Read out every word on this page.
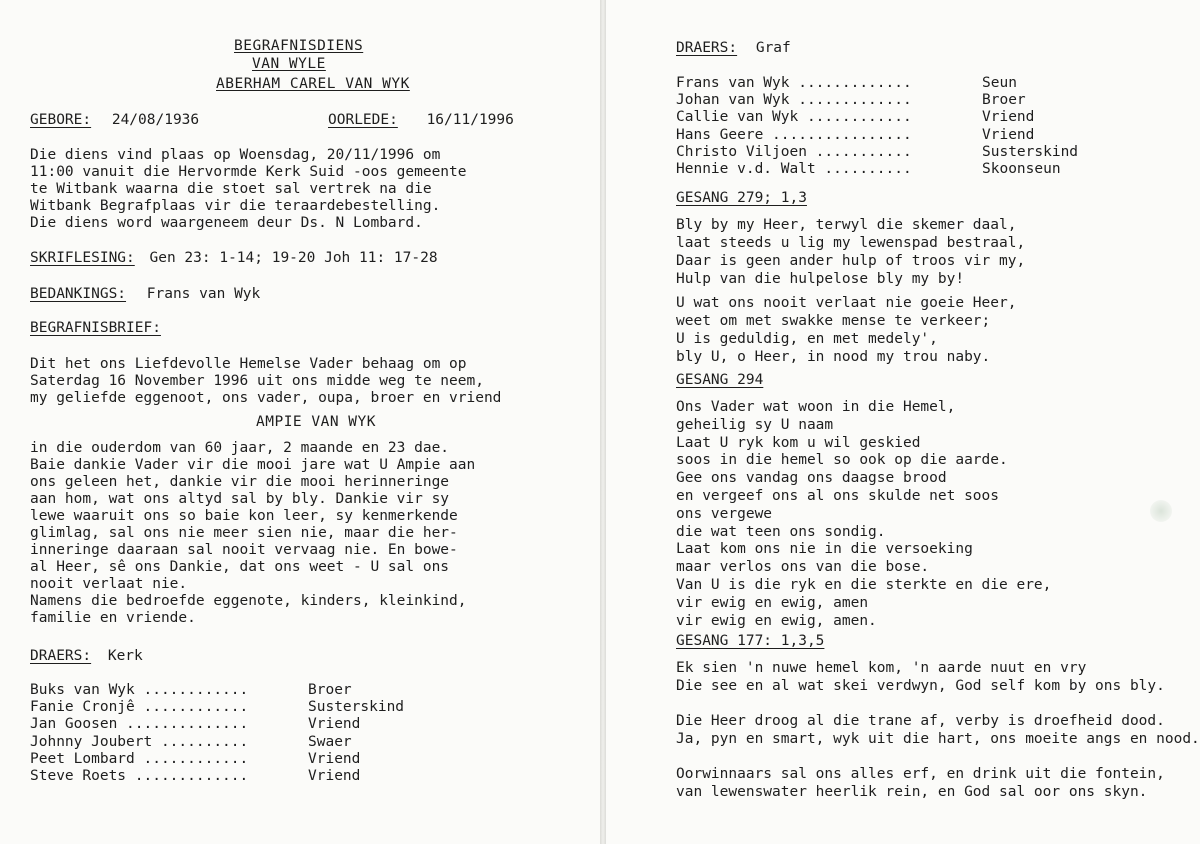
BEGRAFNISDIENS
VAN WYLE
ABERHAM CAREL VAN WYK
GEBORE: 24/08/1936	OORLEDE: 16/11/1996
Die diens vind plaas op Woensdag, 20/11/1996 om
11:00 vanuit die Hervormde Kerk Suid -oos gemeente
te Witbank waarna die stoet sal vertrek na die
Witbank Begrafplaas vir die teraardebestelling.
Die diens word waargeneem deur Ds. N Lombard.
SKRIFLESING: Gen 23: 1-14; 19-20 Joh 11: 17-28
BEDANKINGS: Frans van Wyk
BEGRAFNISBRIEF:
Dit het ons Liefdevolle Hemelse Vader behaag om op
Saterdag 16 November 1996 uit ons midde weg te neem,
my geliefde eggenoot, ons vader, oupa, broer en vriend
AMPIE VAN WYK
in die ouderdom van 60 jaar, 2 maande en 23 dae.
Baie dankie Vader vir die mooi jare wat U Ampie aan
ons geleen het, dankie vir die mooi herinneringe
aan hom, wat ons altyd sal by bly. Dankie vir sy
lewe waaruit ons so baie kon leer, sy kenmerkende
glimlag, sal ons nie meer sien nie, maar die her-
inneringe daaraan sal nooit vervaag nie. En bowe-
al Heer, sê ons Dankie, dat ons weet - U sal ons
nooit verlaat nie.
Namens die bedroefde eggenote, kinders, kleinkind,
familie en vriende.
DRAERS: Kerk
Buks van Wyk ............	Broer
Fanie Cronjê ............	Susterskind
Jan Goosen ..............	Vriend
Johnny Joubert ..........	Swaer
Peet Lombard ............	Vriend
Steve Roets .............	Vriend
DRAERS: Graf
Frans van Wyk .............	Seun
Johan van Wyk .............	Broer
Callie van Wyk ............	Vriend
Hans Geere ................	Vriend
Christo Viljoen ...........	Susterskind
Hennie v.d. Walt ..........	Skoonseun
GESANG 279; 1,3
Bly by my Heer, terwyl die skemer daal,
laat steeds u lig my lewenspad bestraal,
Daar is geen ander hulp of troos vir my,
Hulp van die hulpelose bly my by!
U wat ons nooit verlaat nie goeie Heer,
weet om met swakke mense te verkeer;
U is geduldig, en met medely',
bly U, o Heer, in nood my trou naby.
GESANG 294
Ons Vader wat woon in die Hemel,
geheilig sy U naam
Laat U ryk kom u wil geskied
soos in die hemel so ook op die aarde.
Gee ons vandag ons daagse brood
en vergeef ons al ons skulde net soos
ons vergewe
die wat teen ons sondig.
Laat kom ons nie in die versoeking
maar verlos ons van die bose.
Van U is die ryk en die sterkte en die ere,
vir ewig en ewig, amen
vir ewig en ewig, amen.
GESANG 177: 1,3,5
Ek sien 'n nuwe hemel kom, 'n aarde nuut en vry
Die see en al wat skei verdwyn, God self kom by ons bly.
Die Heer droog al die trane af, verby is droefheid dood.
Ja, pyn en smart, wyk uit die hart, ons moeite angs en nood.
Oorwinnaars sal ons alles erf, en drink uit die fontein,
van lewenswater heerlik rein, en God sal oor ons skyn.
